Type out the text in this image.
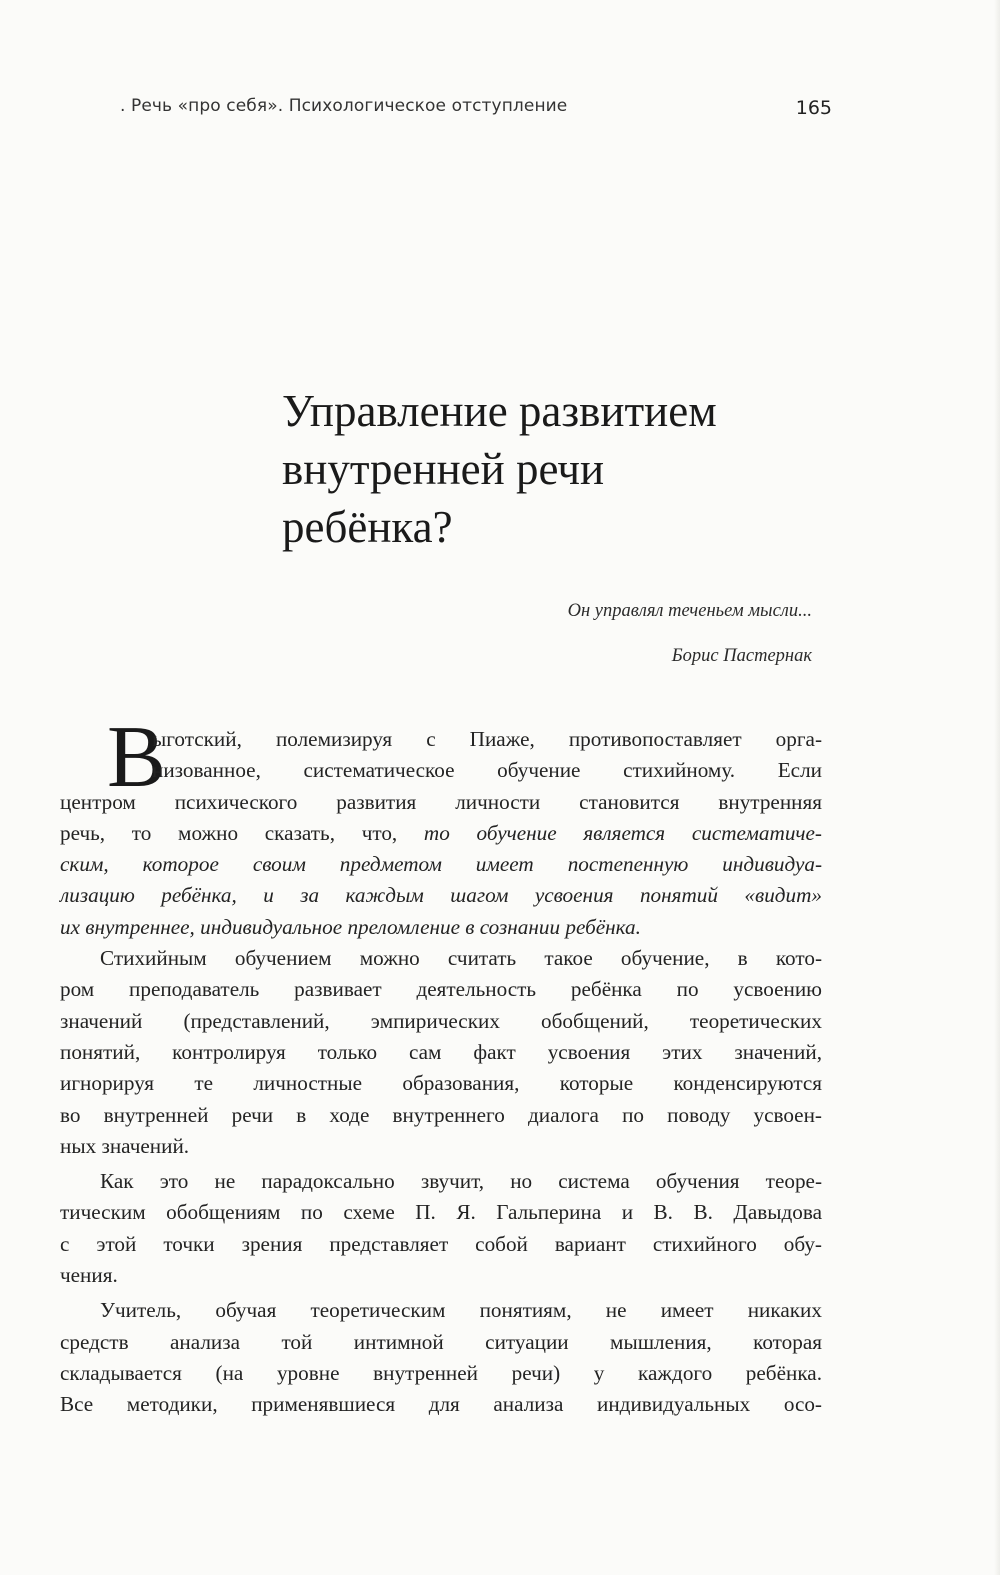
. Речь «про себя». Психологическое отступление	165
Управление развитием
внутренней речи
ребёнка?

Он управлял теченьем мысли...

Борис Пастернак

В
ыготский, полемизируя с Пиаже, противопоставляет орга-
низованное, систематическое обучение стихийному. Если
центром психического развития личности становится внутренняя
речь, то можно сказать, что, то обучение является систематиче-
ским, которое своим предметом имеет постепенную индивидуа-
лизацию ребёнка, и за каждым шагом усвоения понятий «видит»
их внутреннее, индивидуальное преломление в сознании ребёнка.
Стихийным обучением можно считать такое обучение, в кото-
ром преподаватель развивает деятельность ребёнка по усвоению
значений (представлений, эмпирических обобщений, теоретических
понятий, контролируя только сам факт усвоения этих значений,
игнорируя те личностные образования, которые конденсируются
во внутренней речи в ходе внутреннего диалога по поводу усвоен-
ных значений.
Как это не парадоксально звучит, но система обучения теоре-
тическим обобщениям по схеме П. Я. Гальперина и В. В. Давыдова
с этой точки зрения представляет собой вариант стихийного обу-
чения.
Учитель, обучая теоретическим понятиям, не имеет никаких
средств анализа той интимной ситуации мышления, которая
складывается (на уровне внутренней речи) у каждого ребёнка.
Все методики, применявшиеся для анализа индивидуальных осо-
